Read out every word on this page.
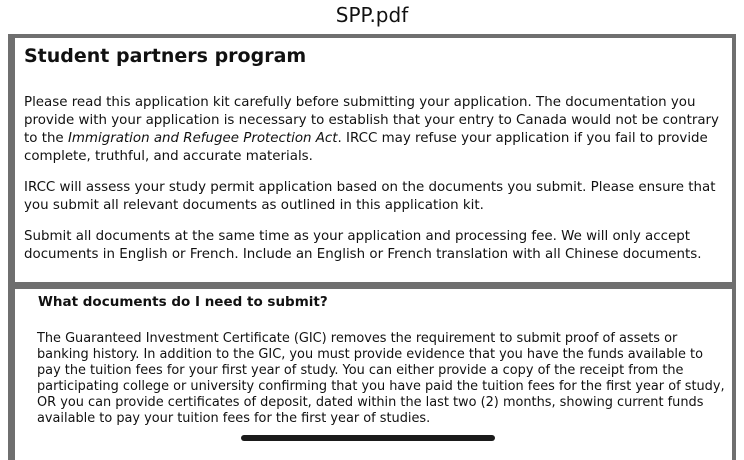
SPP.pdf
Student partners program

Please read this application kit carefully before submitting your application. The documentation you provide with your application is necessary to establish that your entry to Canada would not be contrary to the Immigration and Refugee Protection Act. IRCC may refuse your application if you fail to provide complete, truthful, and accurate materials.

IRCC will assess your study permit application based on the documents you submit. Please ensure that you submit all relevant documents as outlined in this application kit.

Submit all documents at the same time as your application and processing fee. We will only accept documents in English or French. Include an English or French translation with all Chinese documents.

What documents do I need to submit?

The Guaranteed Investment Certificate (GIC) removes the requirement to submit proof of assets or banking history. In addition to the GIC, you must provide evidence that you have the funds available to pay the tuition fees for your first year of study. You can either provide a copy of the receipt from the participating college or university confirming that you have paid the tuition fees for the first year of study, OR you can provide certificates of deposit, dated within the last two (2) months, showing current funds available to pay your tuition fees for the first year of studies.
